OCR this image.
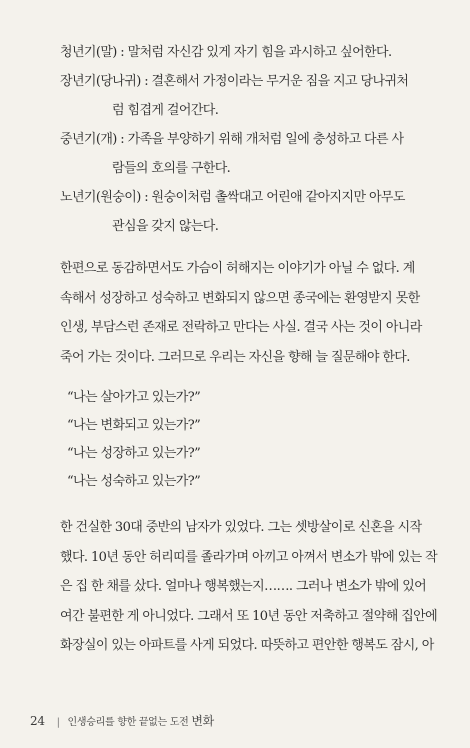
청년기(말) : 말처럼 자신감 있게 자기 힘을 과시하고 싶어한다.
장년기(당나귀) : 결혼해서 가정이라는 무거운 짐을 지고 당나귀처
럼 힘겹게 걸어간다.
중년기(개) : 가족을 부양하기 위해 개처럼 일에 충성하고 다른 사
람들의 호의를 구한다.
노년기(원숭이) : 원숭이처럼 촐싹대고 어린애 같아지지만 아무도
관심을 갖지 않는다.
한편으로 동감하면서도 가슴이 허해지는 이야기가 아닐 수 없다. 계
속해서 성장하고 성숙하고 변화되지 않으면 종국에는 환영받지 못한
인생, 부담스런 존재로 전락하고 만다는 사실. 결국 사는 것이 아니라
죽어 가는 것이다. 그러므로 우리는 자신을 향해 늘 질문해야 한다.
“나는 살아가고 있는가?”
“나는 변화되고 있는가?”
“나는 성장하고 있는가?”
“나는 성숙하고 있는가?”
한 건실한 30대 중반의 남자가 있었다. 그는 셋방살이로 신혼을 시작
했다. 10년 동안 허리띠를 졸라가며 아끼고 아껴서 변소가 밖에 있는 작
은 집 한 채를 샀다. 얼마나 행복했는지……. 그러나 변소가 밖에 있어
여간 불편한 게 아니었다. 그래서 또 10년 동안 저축하고 절약해 집안에
화장실이 있는 아파트를 사게 되었다. 따뜻하고 편안한 행복도 잠시, 아
24 | 인생승리를 향한 끝없는 도전 변화
